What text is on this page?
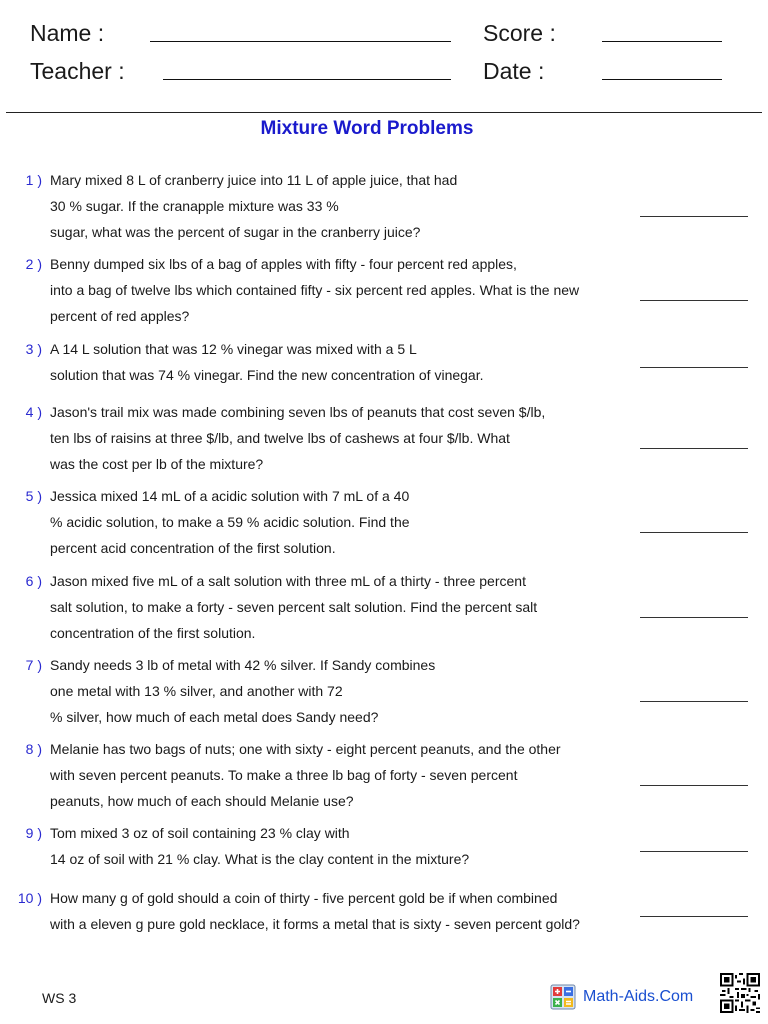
Name :
Teacher :
Score :
Date :
Mixture Word Problems
1 ) Mary mixed 8 L of cranberry juice into 11 L of apple juice, that had
30 % sugar. If the cranapple mixture was 33 %
sugar, what was the percent of sugar in the cranberry juice?
2 ) Benny dumped six lbs of a bag of apples with fifty - four percent red apples,
into a bag of twelve lbs which contained fifty - six percent red apples. What is the new
percent of red apples?
3 ) A 14 L solution that was 12 % vinegar was mixed with a 5 L
solution that was 74 % vinegar. Find the new concentration of vinegar.
4 ) Jason's trail mix was made combining seven lbs of peanuts that cost seven $/lb,
ten lbs of raisins at three $/lb, and twelve lbs of cashews at four $/lb. What
was the cost per lb of the mixture?
5 ) Jessica mixed 14 mL of a acidic solution with 7 mL of a 40
% acidic solution, to make a 59 % acidic solution. Find the
percent acid concentration of the first solution.
6 ) Jason mixed five mL of a salt solution with three mL of a thirty - three percent
salt solution, to make a forty - seven percent salt solution. Find the percent salt
concentration of the first solution.
7 ) Sandy needs 3 lb of metal with 42 % silver. If Sandy combines
one metal with 13 % silver, and another with 72
% silver, how much of each metal does Sandy need?
8 ) Melanie has two bags of nuts; one with sixty - eight percent peanuts, and the other
with seven percent peanuts. To make a three lb bag of forty - seven percent
peanuts, how much of each should Melanie use?
9 ) Tom mixed 3 oz of soil containing 23 % clay with
14 oz of soil with 21 % clay. What is the clay content in the mixture?
10 ) How many g of gold should a coin of thirty - five percent gold be if when combined
with a eleven g pure gold necklace, it forms a metal that is sixty - seven percent gold?
WS 3	Math-Aids.Com
